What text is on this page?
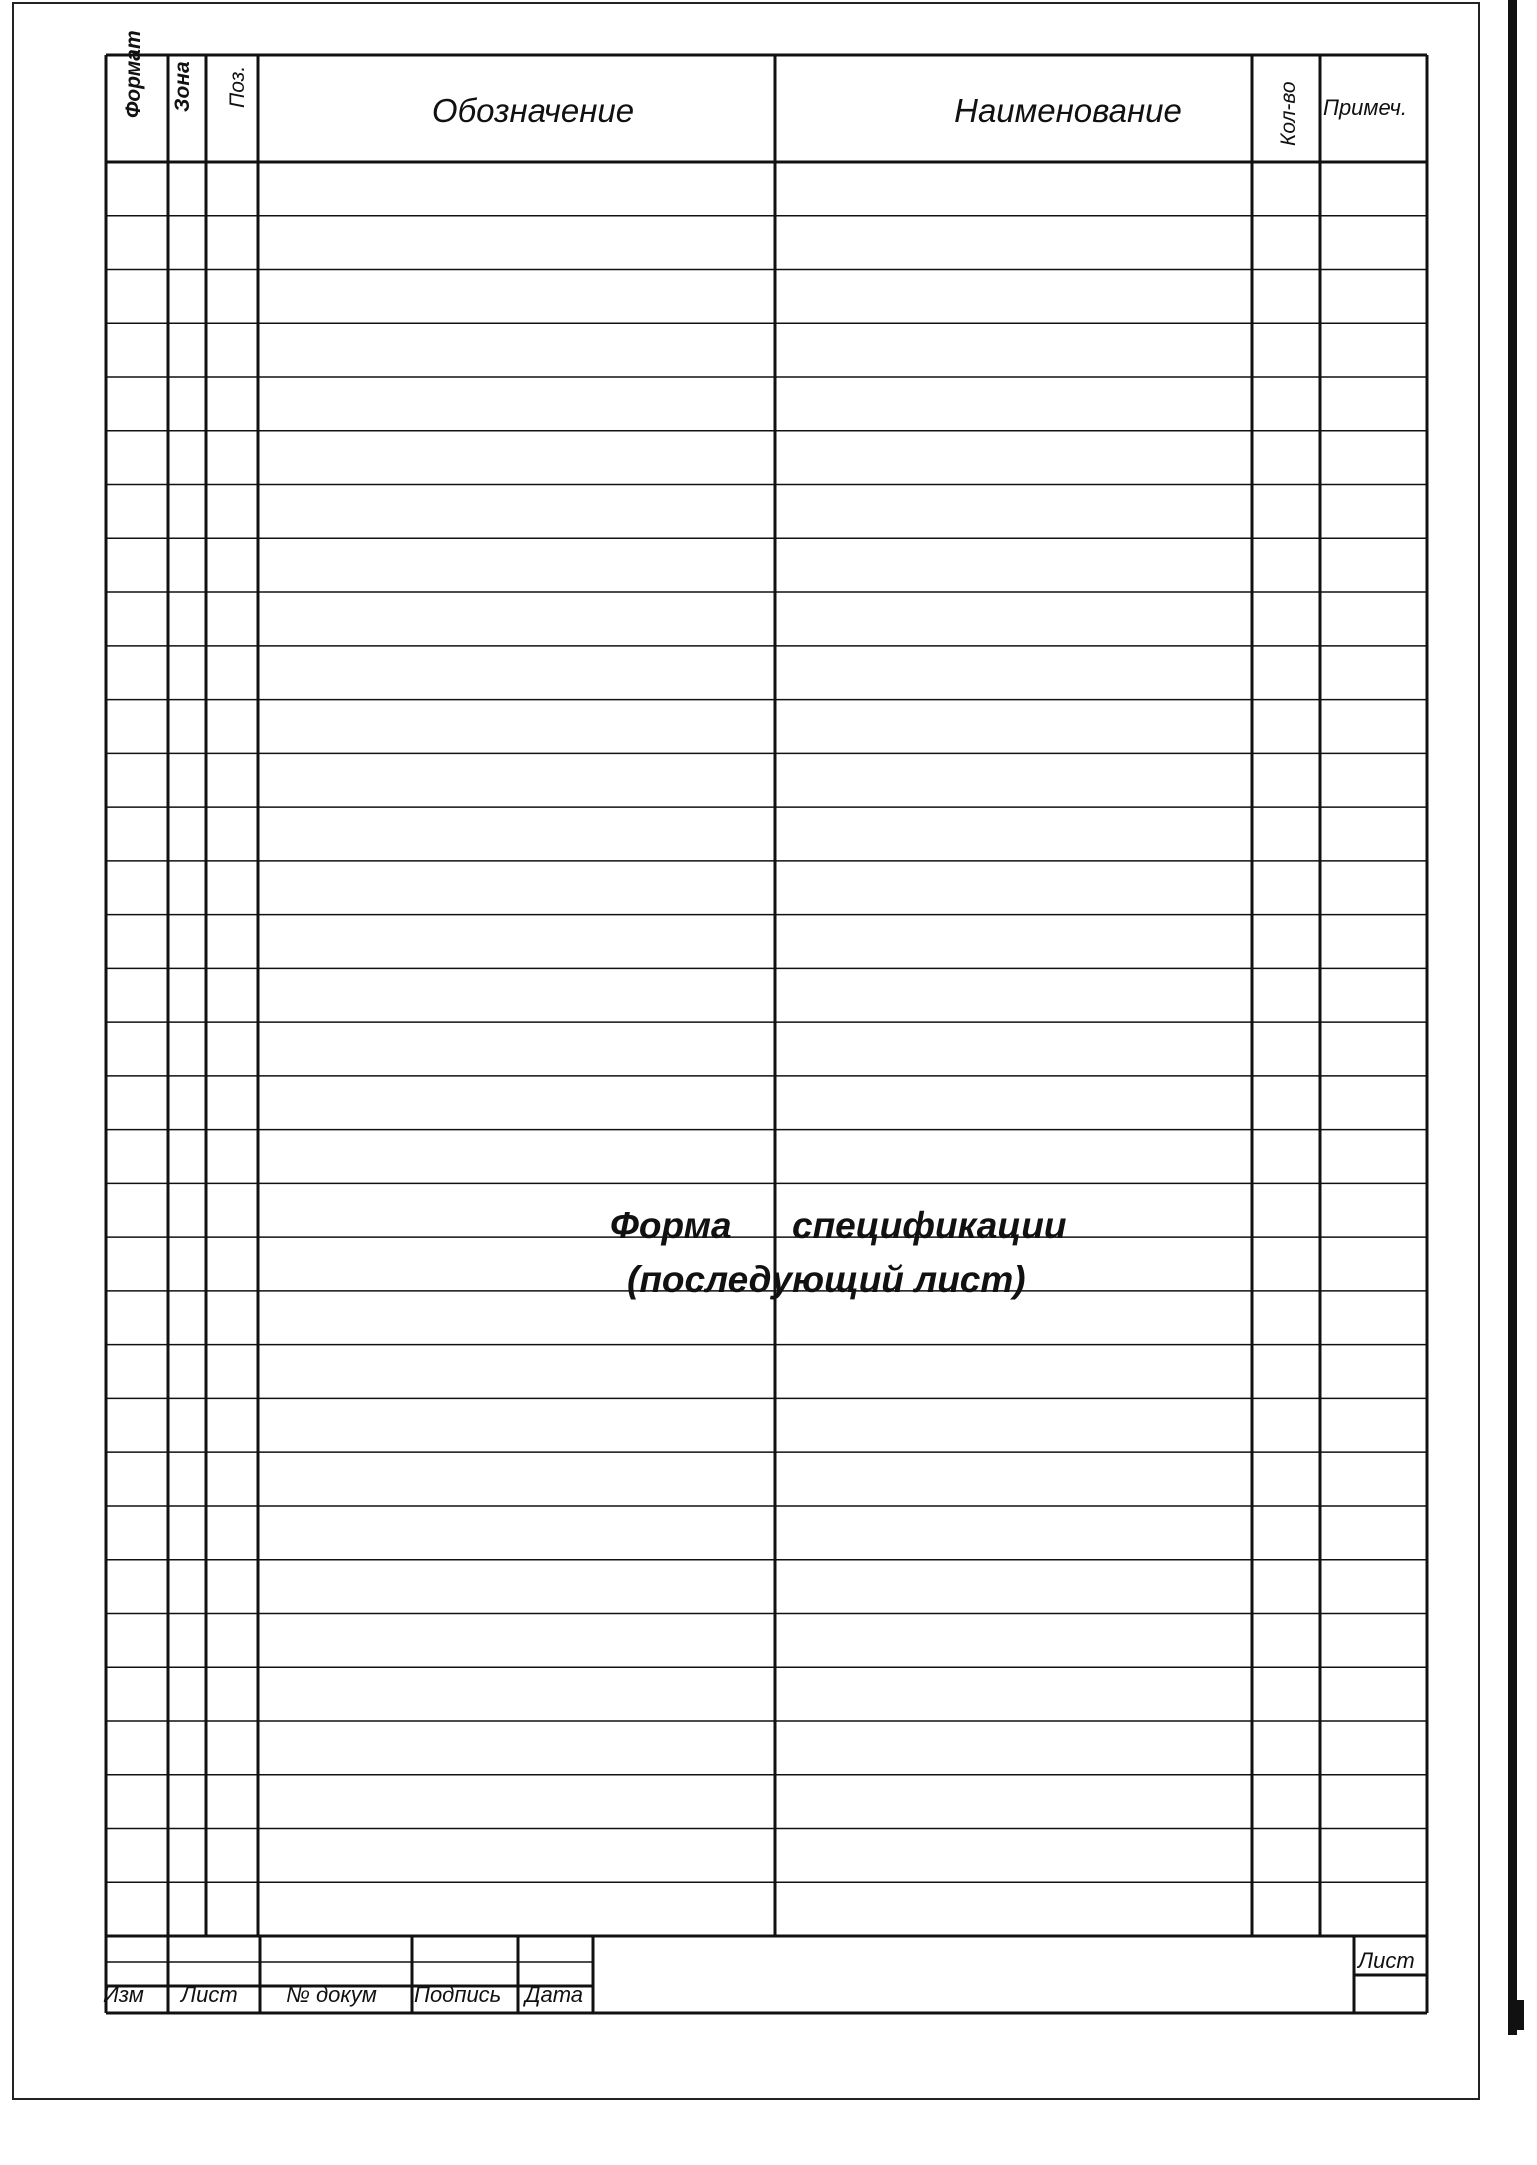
Формат Зона Поз.
Обозначение	Наименование	Кол-во Примеч.
Форма спецификации
(последующий лист)
Изм Лист № докум Подпись Дата
Лист
